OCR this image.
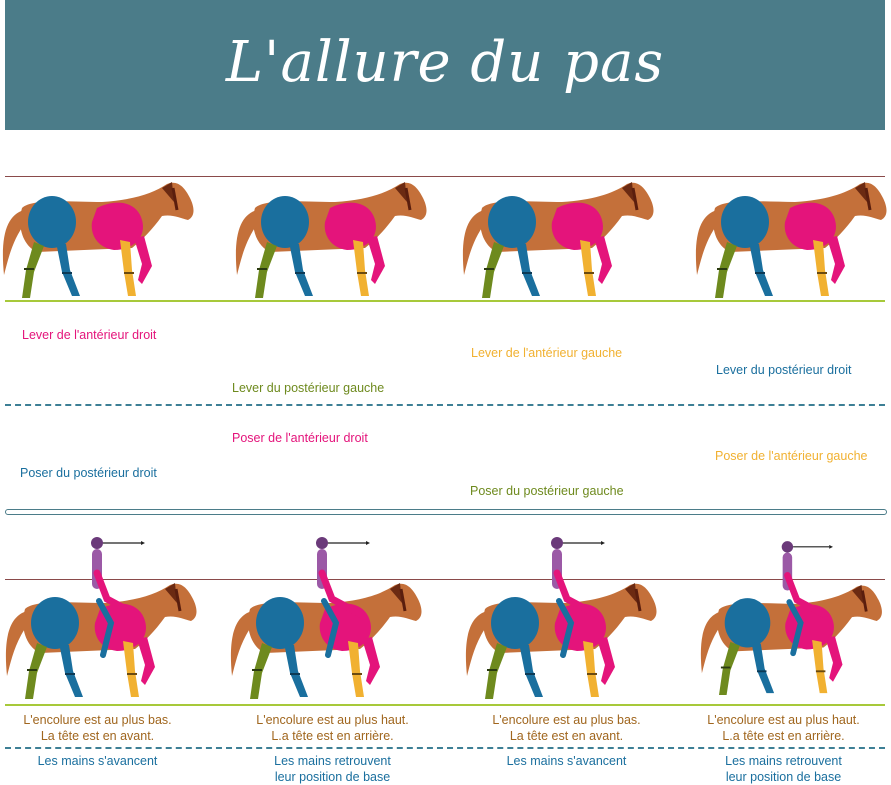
L'allure du pas
Lever de l'antérieur droit
Lever du postérieur gauche
Lever de l'antérieur gauche
Lever du postérieur droit
Poser du postérieur droit
Poser de l'antérieur droit
Poser du postérieur gauche
Poser de l'antérieur gauche
L'encolure est au plus bas.
La tête est en avant.
L'encolure est au plus haut.
L.a tête est en arrière.
L'encolure est au plus bas.
La tête est en avant.
L'encolure est au plus haut.
L.a tête est en arrière.
Les mains s'avancent	Les mains retrouvent
leur position de base
Les mains s'avancent	Les mains retrouvent
leur position de base
